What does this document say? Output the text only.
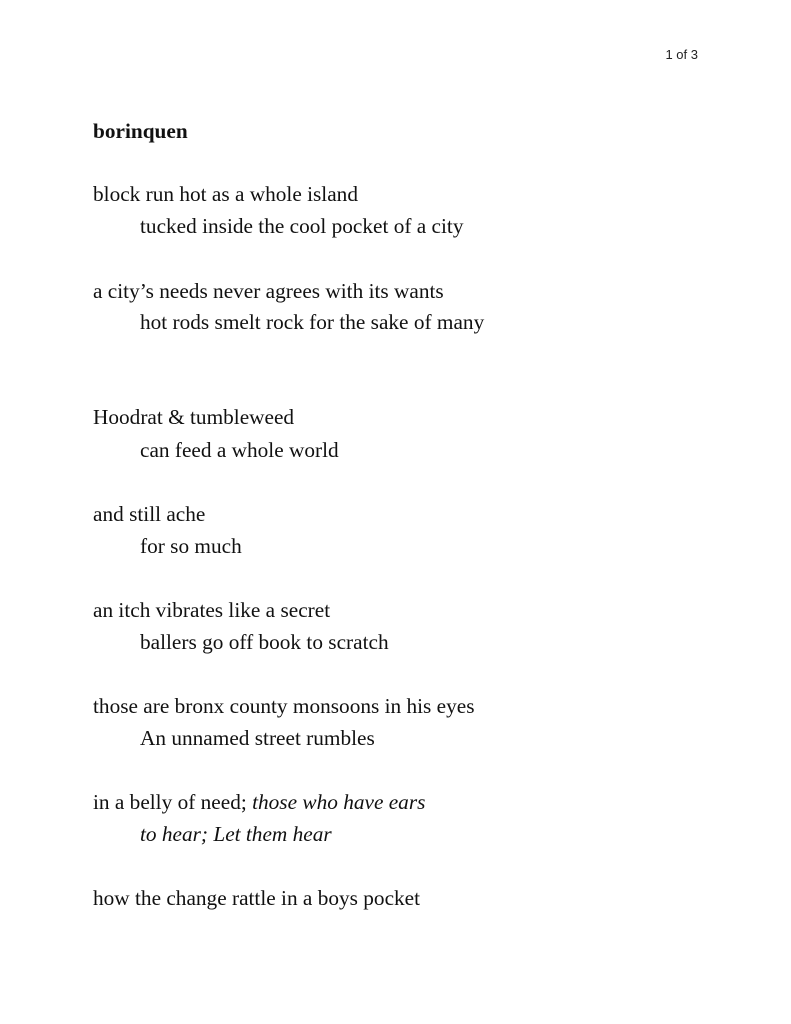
1 of 3
borinquen
block run hot as a whole island
tucked inside the cool pocket of a city
a city’s needs never agrees with its wants
hot rods smelt rock for the sake of many
Hoodrat & tumbleweed
can feed a whole world
and still ache
for so much
an itch vibrates like a secret
ballers go off book to scratch
those are bronx county monsoons in his eyes
An unnamed street rumbles
in a belly of need; those who have ears
to hear; Let them hear
how the change rattle in a boys pocket
